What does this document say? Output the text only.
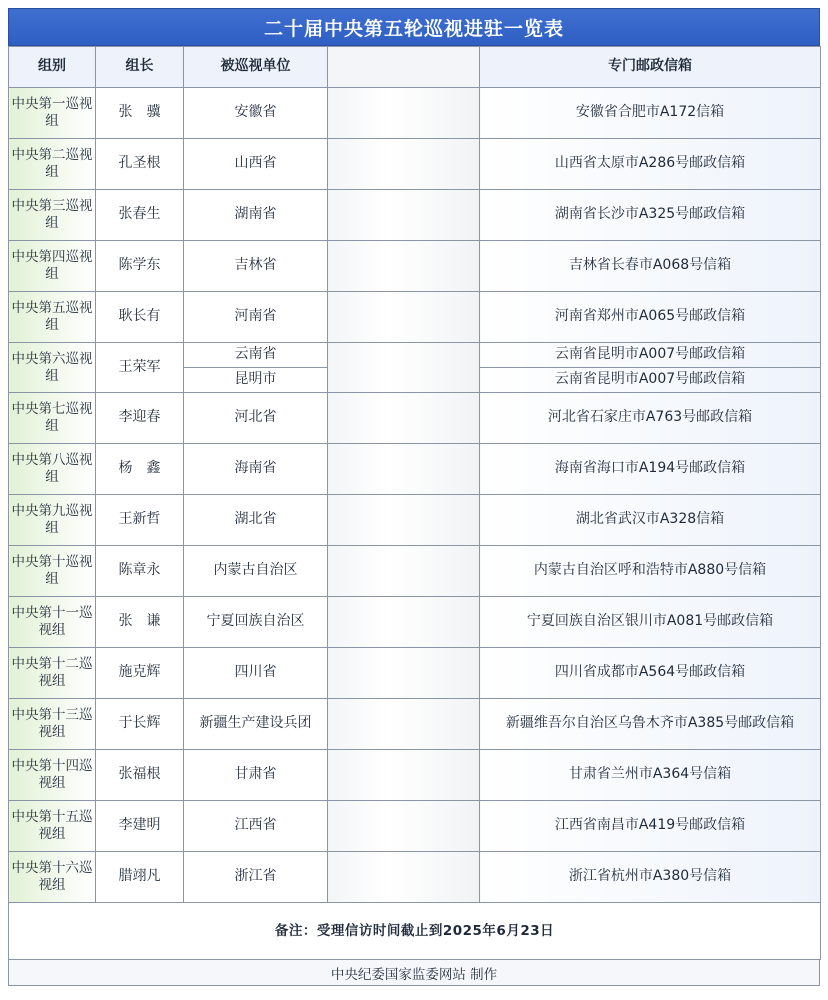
二十届中央第五轮巡视进驻一览表
组别	组长	被巡视单位		专门邮政信箱
中央第一巡视组	张　骥	安徽省		安徽省合肥市A172信箱
中央第二巡视组	孔圣根	山西省		山西省太原市A286号邮政信箱
中央第三巡视组	张春生	湖南省		湖南省长沙市A325号邮政信箱
中央第四巡视组	陈学东	吉林省		吉林省长春市A068号信箱
中央第五巡视组	耿长有	河南省		河南省郑州市A065号邮政信箱
中央第六巡视组	王荣军	云南省		云南省昆明市A007号邮政信箱
		昆明市		云南省昆明市A007号邮政信箱
中央第七巡视组	李迎春	河北省		河北省石家庄市A763号邮政信箱
中央第八巡视组	杨　鑫	海南省		海南省海口市A194号邮政信箱
中央第九巡视组	王新哲	湖北省		湖北省武汉市A328信箱
中央第十巡视组	陈章永	内蒙古自治区		内蒙古自治区呼和浩特市A880号信箱
中央第十一巡视组	张　谦	宁夏回族自治区		宁夏回族自治区银川市A081号邮政信箱
中央第十二巡视组	施克辉	四川省		四川省成都市A564号邮政信箱
中央第十三巡视组	于长辉	新疆生产建设兵团		新疆维吾尔自治区乌鲁木齐市A385号邮政信箱
中央第十四巡视组	张福根	甘肃省		甘肃省兰州市A364号信箱
中央第十五巡视组	李建明	江西省		江西省南昌市A419号邮政信箱
中央第十六巡视组	腊翊凡	浙江省		浙江省杭州市A380号信箱
备注：受理信访时间截止到2025年6月23日				
中央纪委国家监委网站 制作
